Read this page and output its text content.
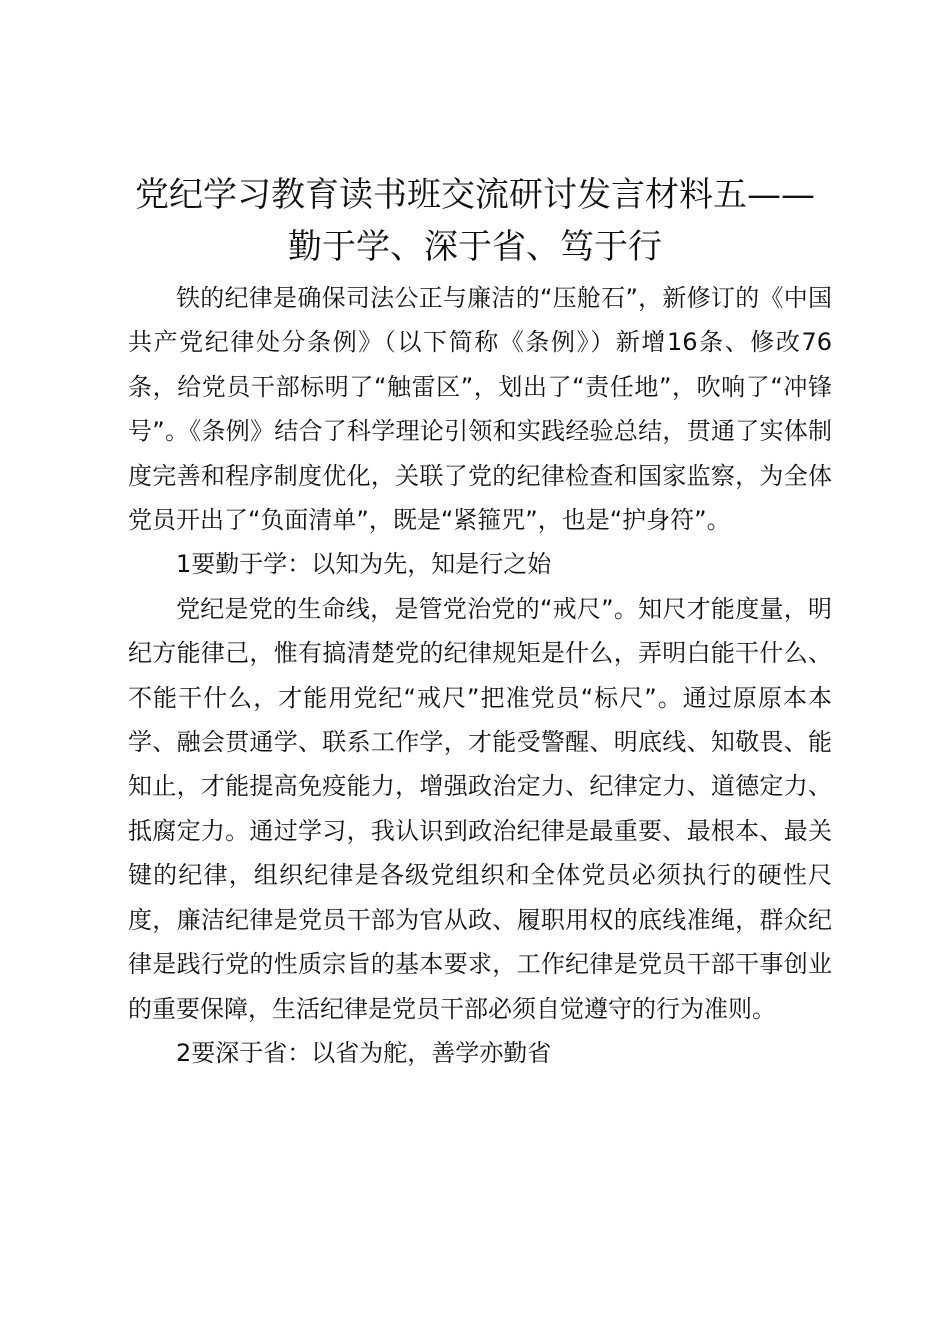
党纪学习教育读书班交流研讨发言材料五——
勤于学、深于省、笃于行

铁的纪律是确保司法公正与廉洁的“压舱石”，新修订的《中国共产党纪律处分条例》（以下简称《条例》）新增16条、修改76条，给党员干部标明了“触雷区”，划出了“责任地”，吹响了“冲锋号”。《条例》结合了科学理论引领和实践经验总结，贯通了实体制度完善和程序制度优化，关联了党的纪律检查和国家监察，为全体党员开出了“负面清单”，既是“紧箍咒”，也是“护身符”。

1要勤于学：以知为先，知是行之始

党纪是党的生命线，是管党治党的“戒尺”。知尺才能度量，明纪方能律己，惟有搞清楚党的纪律规矩是什么，弄明白能干什么、不能干什么，才能用党纪“戒尺”把准党员“标尺”。通过原原本本学、融会贯通学、联系工作学，才能受警醒、明底线、知敬畏、能知止，才能提高免疫能力，增强政治定力、纪律定力、道德定力、抵腐定力。通过学习，我认识到政治纪律是最重要、最根本、最关键的纪律，组织纪律是各级党组织和全体党员必须执行的硬性尺度，廉洁纪律是党员干部为官从政、履职用权的底线准绳，群众纪律是践行党的性质宗旨的基本要求，工作纪律是党员干部干事创业的重要保障，生活纪律是党员干部必须自觉遵守的行为准则。

2要深于省：以省为舵，善学亦勤省
